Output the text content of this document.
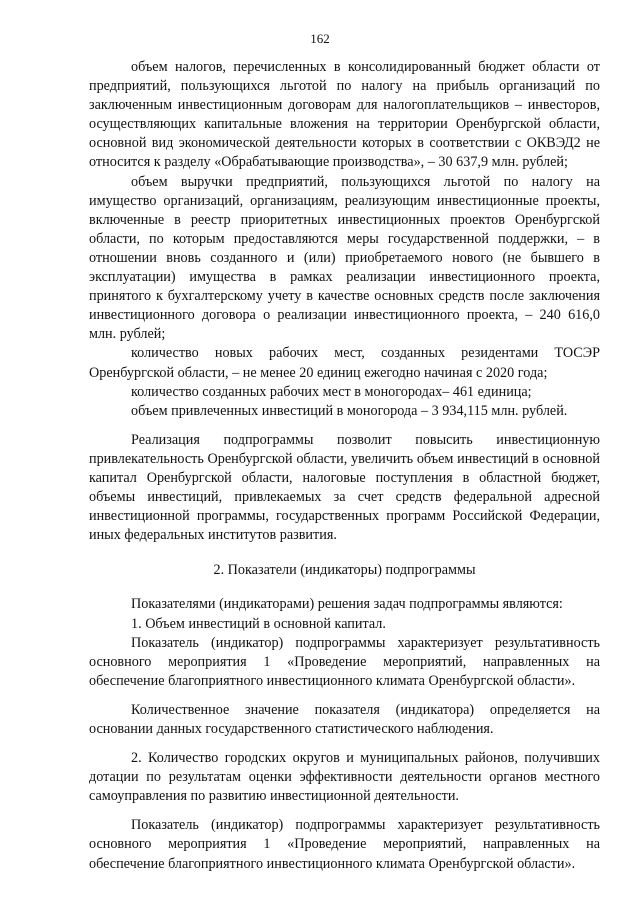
162

объем налогов, перечисленных в консолидированный бюджет области от предприятий, пользующихся льготой по налогу на прибыль организаций по заключенным инвестиционным договорам для налогоплательщиков – инвесторов, осуществляющих капитальные вложения на территории Оренбургской области, основной вид экономической деятельности которых в соответствии с ОКВЭД2 не относится к разделу «Обрабатывающие производства», – 30 637,9 млн. рублей;

объем выручки предприятий, пользующихся льготой по налогу на имущество организаций, организациям, реализующим инвестиционные проекты, включенные в реестр приоритетных инвестиционных проектов Оренбургской области, по которым предоставляются меры государственной поддержки, – в отношении вновь созданного и (или) приобретаемого нового (не бывшего в эксплуатации) имущества в рамках реализации инвестиционного проекта, принятого к бухгалтерскому учету в качестве основных средств после заключения инвестиционного договора о реализации инвестиционного проекта, – 240 616,0 млн. рублей;

количество новых рабочих мест, созданных резидентами ТОСЭР Оренбургской области, – не менее 20 единиц ежегодно начиная с 2020 года;

количество созданных рабочих мест в моногородах– 461 единица;

объем привлеченных инвестиций в моногорода – 3 934,115 млн. рублей.

Реализация подпрограммы позволит повысить инвестиционную привлекательность Оренбургской области, увеличить объем инвестиций в основной капитал Оренбургской области, налоговые поступления в областной бюджет, объемы инвестиций, привлекаемых за счет средств федеральной адресной инвестиционной программы, государственных программ Российской Федерации, иных федеральных институтов развития.

2. Показатели (индикаторы) подпрограммы

Показателями (индикаторами) решения задач подпрограммы являются:

1. Объем инвестиций в основной капитал.

Показатель (индикатор) подпрограммы характеризует результативность основного мероприятия 1 «Проведение мероприятий, направленных на обеспечение благоприятного инвестиционного климата Оренбургской области».

Количественное значение показателя (индикатора) определяется на основании данных государственного статистического наблюдения.

2. Количество городских округов и муниципальных районов, получивших дотации по результатам оценки эффективности деятельности органов местного самоуправления по развитию инвестиционной деятельности.

Показатель (индикатор) подпрограммы характеризует результативность основного мероприятия 1 «Проведение мероприятий, направленных на обеспечение благоприятного инвестиционного климата Оренбургской области».
